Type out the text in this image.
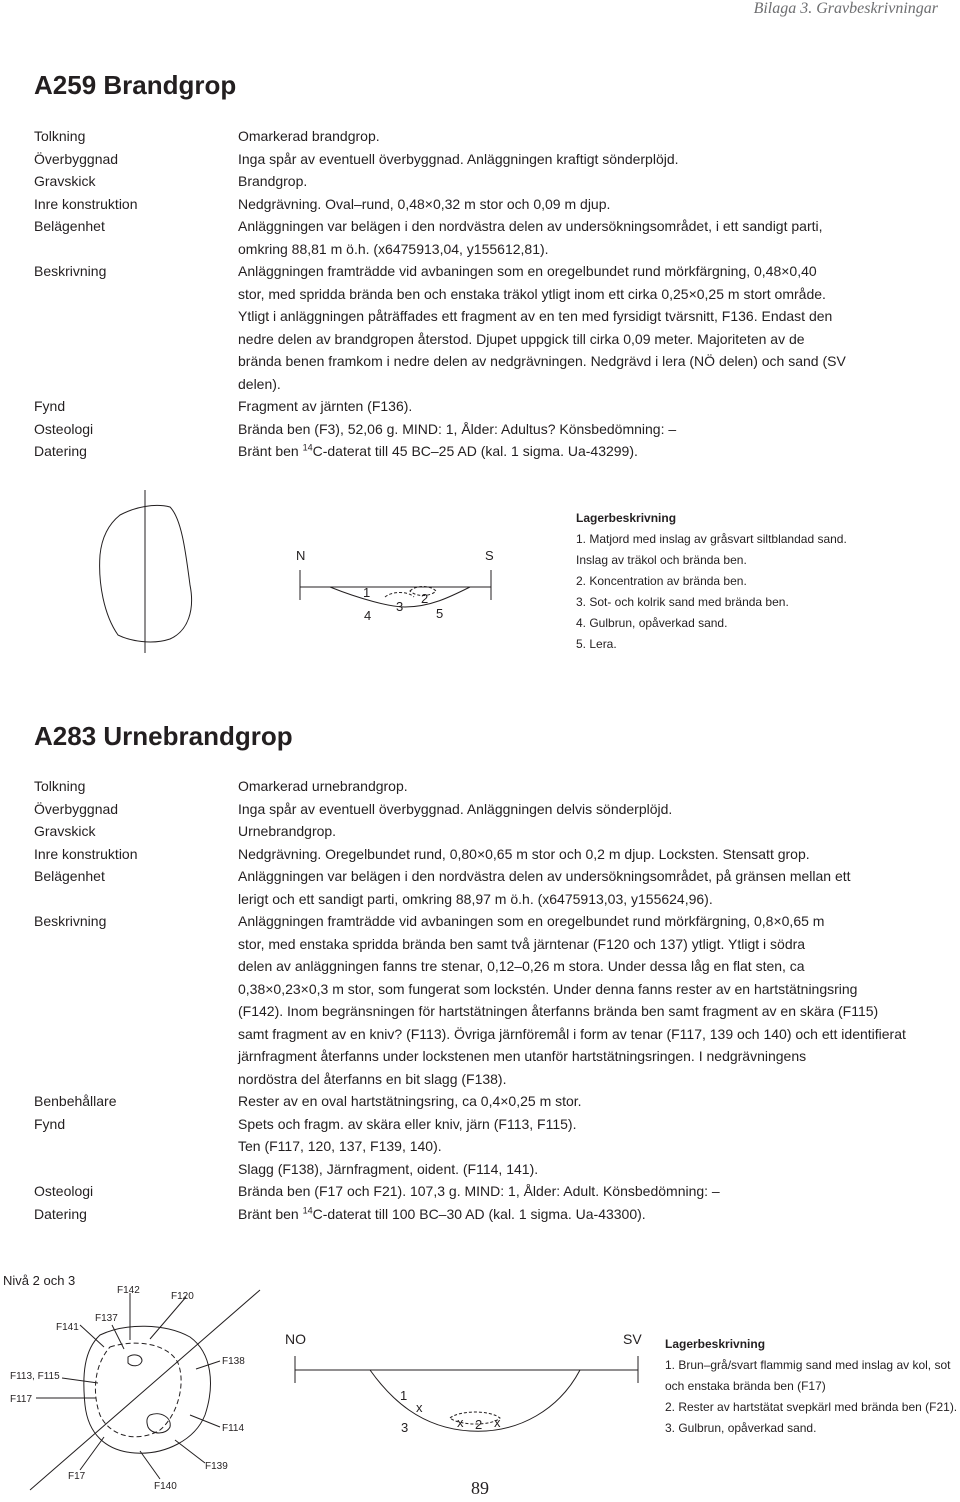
Bilaga 3. Gravbeskrivningar
A259 Brandgrop
Tolkning	Omarkerad brandgrop.
Överbyggnad	Inga spår av eventuell överbyggnad. Anläggningen kraftigt sönderplöjd.
Gravskick	Brandgrop.
Inre konstruktion	Nedgrävning. Oval–rund, 0,48×0,32 m stor och 0,09 m djup.
Belägenhet	Anläggningen var belägen i den nordvästra delen av undersökningsområdet, i ett sandigt parti,
omkring 88,81 m ö.h. (x6475913,04, y155612,81).
Beskrivning	Anläggningen framträdde vid avbaningen som en oregelbundet rund mörkfärgning, 0,48×0,40
stor, med spridda brända ben och enstaka träkol ytligt inom ett cirka 0,25×0,25 m stort område.
Ytligt i anläggningen påträffades ett fragment av en ten med fyrsidigt tvärsnitt, F136. Endast den
nedre delen av brandgropen återstod. Djupet uppgick till cirka 0,09 meter. Majoriteten av de
brända benen framkom i nedre delen av nedgrävningen. Nedgrävd i lera (NÖ delen) och sand (SV
delen).
Fynd	Fragment av järnten (F136).
Osteologi	Brända ben (F3), 52,06 g. MIND: 1, Ålder: Adultus? Könsbedömning: –
Datering	Bränt ben $^{14}$C-daterat till 45 BC–25 AD (kal. 1 sigma. Ua-43299).
N	S
1	2
3
4	5
Lagerbeskrivning
1. Matjord med inslag av gråsvart siltblandad sand.
Inslag av träkol och brända ben.
2. Koncentration av brända ben.
3. Sot- och kolrik sand med brända ben.
4. Gulbrun, opåverkad sand.
5. Lera.
A283 Urnebrandgrop
Tolkning	Omarkerad urnebrandgrop.
Överbyggnad	Inga spår av eventuell överbyggnad. Anläggningen delvis sönderplöjd.
Gravskick	Urnebrandgrop.
Inre konstruktion	Nedgrävning. Oregelbundet rund, 0,80×0,65 m stor och 0,2 m djup. Locksten. Stensatt grop.
Belägenhet	Anläggningen var belägen i den nordvästra delen av undersökningsområdet, på gränsen mellan ett
lerigt och ett sandigt parti, omkring 88,97 m ö.h. (x6475913,03, y155624,96).
Beskrivning	Anläggningen framträdde vid avbaningen som en oregelbundet rund mörkfärgning, 0,8×0,65 m
stor, med enstaka spridda brända ben samt två järntenar (F120 och 137) ytligt. Ytligt i södra
delen av anläggningen fanns tre stenar, 0,12–0,26 m stora. Under dessa låg en flat sten, ca
0,38×0,23×0,3 m stor, som fungerat som lockstén. Under denna fanns rester av en hartstätningsring
(F142). Inom begränsningen för hartstätningen återfanns brända ben samt fragment av en skära (F115)
samt fragment av en kniv? (F113). Övriga järnföremål i form av tenar (F117, 139 och 140) och ett identifierat
järnfragment återfanns under lockstenen men utanför hartstätningsringen. I nedgrävningens
nordöstra del återfanns en bit slagg (F138).
Benbehållare	Rester av en oval hartstätningsring, ca 0,4×0,25 m stor.
Fynd	Spets och fragm. av skära eller kniv, järn (F113, F115).
Ten (F117, 120, 137, F139, 140).
Slagg (F138), Järnfragment, oident. (F114, 141).
Osteologi	Brända ben (F17 och F21). 107,3 g. MIND: 1, Ålder: Adult. Könsbedömning: –
Datering	Bränt ben $^{14}$C-daterat till 100 BC–30 AD (kal. 1 sigma. Ua-43300).
Nivå 2 och 3
F142
F120
F137
F141
F138
F113, F115
F117
F114
F17
F140
F139
NO	SV
1
x
3	x 2 x
Lagerbeskrivning
1. Brun–grå/svart flammig sand med inslag av kol, sot
och enstaka brända ben (F17)
2. Rester av hartstätat svepkärl med brända ben (F21).
3. Gulbrun, opåverkad sand.
89
